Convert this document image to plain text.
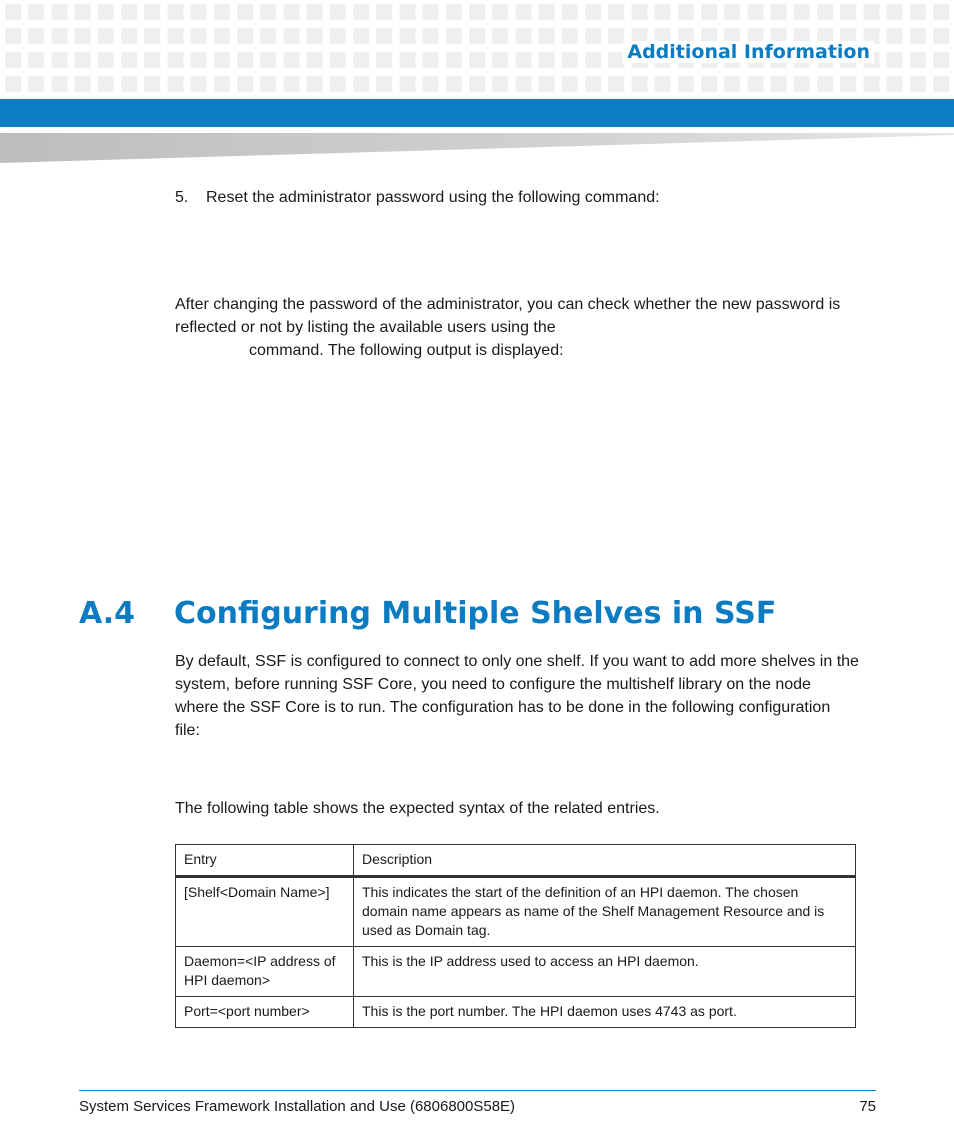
Additional Information
5. Reset the administrator password using the following command:
After changing the password of the administrator, you can check whether the new password is
reflected or not by listing the available users using the
command. The following output is displayed:
A.4 Configuring Multiple Shelves in SSF
By default, SSF is configured to connect to only one shelf. If you want to add more shelves in the
system, before running SSF Core, you need to configure the multishelf library on the node
where the SSF Core is to run. The configuration has to be done in the following configuration
file:
The following table shows the expected syntax of the related entries.
Entry	Description
[Shelf<Domain Name>]	This indicates the start of the definition of an HPI daemon. The chosen
domain name appears as name of the Shelf Management Resource and is
used as Domain tag.

Daemon=<IP address of
HPI daemon>	This is the IP address used to access an HPI daemon.

Port=<port number>	This is the port number. The HPI daemon uses 4743 as port.
System Services Framework Installation and Use (6806800S58E)	75
